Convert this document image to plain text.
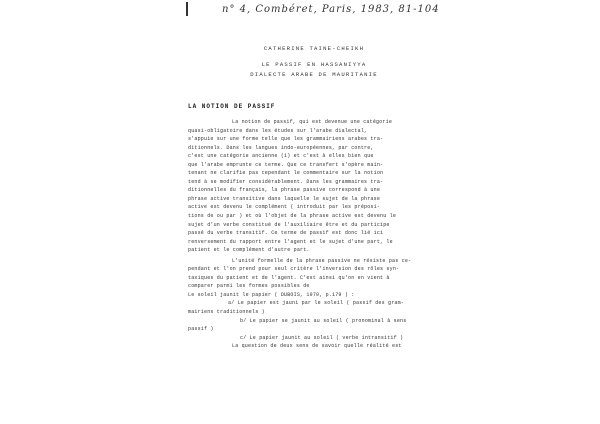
n° 4, Combéret, Paris, 1983, 81-104
CATHERINE TAINE-CHEIKH
LE PASSIF EN HASSANIYYA
DIALECTE ARABE DE MAURITANIE
LA NOTION DE PASSIF

La notion de passif, qui est devenue une catégorie

quasi-obligatoire dans les études sur l'arabe dialectal,

s'appuie sur une forme telle que les grammairiens arabes tra-

ditionnels. Dans les langues indo-européennes, par contre,

c'est une catégorie ancienne (1) et c'est à elles bien que

que l'arabe emprunte ce terme. Que ce transfert s'opère main-

tenant ne clarifie pas cependant le commentaire sur la notion

tend à se modifier considérablement. Dans les grammaires tra-

ditionnelles du français, la phrase passive correspond à une

phrase active transitive dans laquelle le sujet de la phrase

active est devenu le complément ( introduit par les préposi-

tions de ou par ) et où l'objet de la phrase active est devenu le

sujet d'un verbe constitué de l'auxiliaire être et du participe

passé du verbe transitif. Ce terme de passif est donc lié ici

renversement du rapport entre l'agent et le sujet d'une part, le

patient et le complément d'autre part.

L'unité formelle de la phrase passive ne résiste pas ce-

pendant et l'on prend pour seul critère l'inversion des rôles syn-

taxiques du patient et de l'agent. C'est ainsi qu'on en vient à

comparer parmi les formes possibles de

Le soleil jaunit le papier ( DUBOIS, 1970, p.179 ) :

a/ Le papier est jauni par le soleil ( passif des gram-

mairiens traditionnels )

b/ Le papier se jaunit au soleil ( pronominal à sens

passif )

c/ Le papier jaunit au soleil ( verbe intransitif )

La question de deux sens de savoir quelle réalité est
